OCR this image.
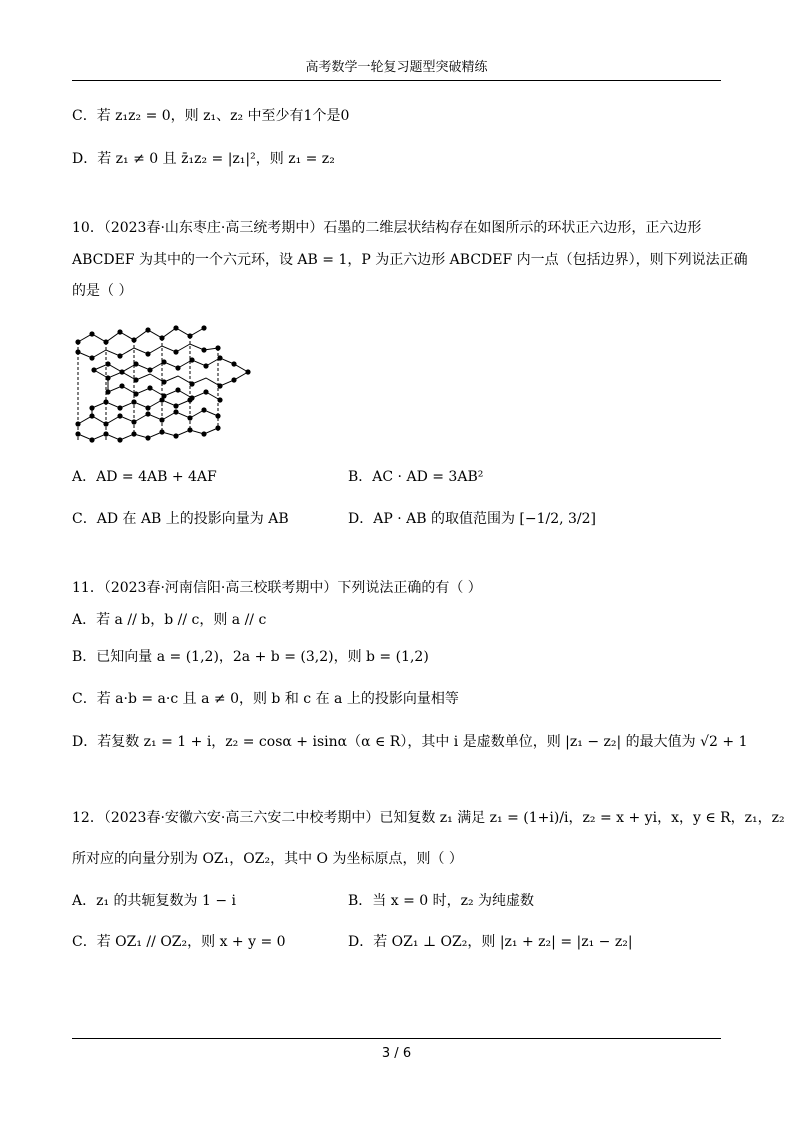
高考数学一轮复习题型突破精练
C．若 z₁z₂ = 0，则 z₁、z₂ 中至少有1个是0
D．若 z₁ ≠ 0 且 z̄₁z₂ = |z₁|²，则 z₁ = z₂
10．（2023春·山东枣庄·高三统考期中）石墨的二维层状结构存在如图所示的环状正六边形，正六边形
ABCDEF 为其中的一个六元环，设 AB = 1，P 为正六边形 ABCDEF 内一点（包括边界），则下列说法正确
的是（ ）
A．AD = 4AB + 4AF	B．AC · AD = 3AB²
C．AD 在 AB 上的投影向量为 AB	D．AP · AB 的取值范围为 [−1/2, 3/2]
11．（2023春·河南信阳·高三校联考期中）下列说法正确的有（ ）
A．若 a // b，b // c，则 a // c
B．已知向量 a = (1,2)，2a + b = (3,2)，则 b = (1,2)
C．若 a·b = a·c 且 a ≠ 0，则 b 和 c 在 a 上的投影向量相等
D．若复数 z₁ = 1 + i，z₂ = cosα + isinα（α ∈ R），其中 i 是虚数单位，则 |z₁ − z₂| 的最大值为 √2 + 1
12．（2023春·安徽六安·高三六安二中校考期中）已知复数 z₁ 满足 z₁ = (1+i)/i，z₂ = x + yi，x，y ∈ R，z₁，z₂
所对应的向量分别为 OZ₁，OZ₂，其中 O 为坐标原点，则（ ）
A．z₁ 的共轭复数为 1 − i	B．当 x = 0 时，z₂ 为纯虚数
C．若 OZ₁ // OZ₂，则 x + y = 0	D．若 OZ₁ ⊥ OZ₂，则 |z₁ + z₂| = |z₁ − z₂|
3 / 6
